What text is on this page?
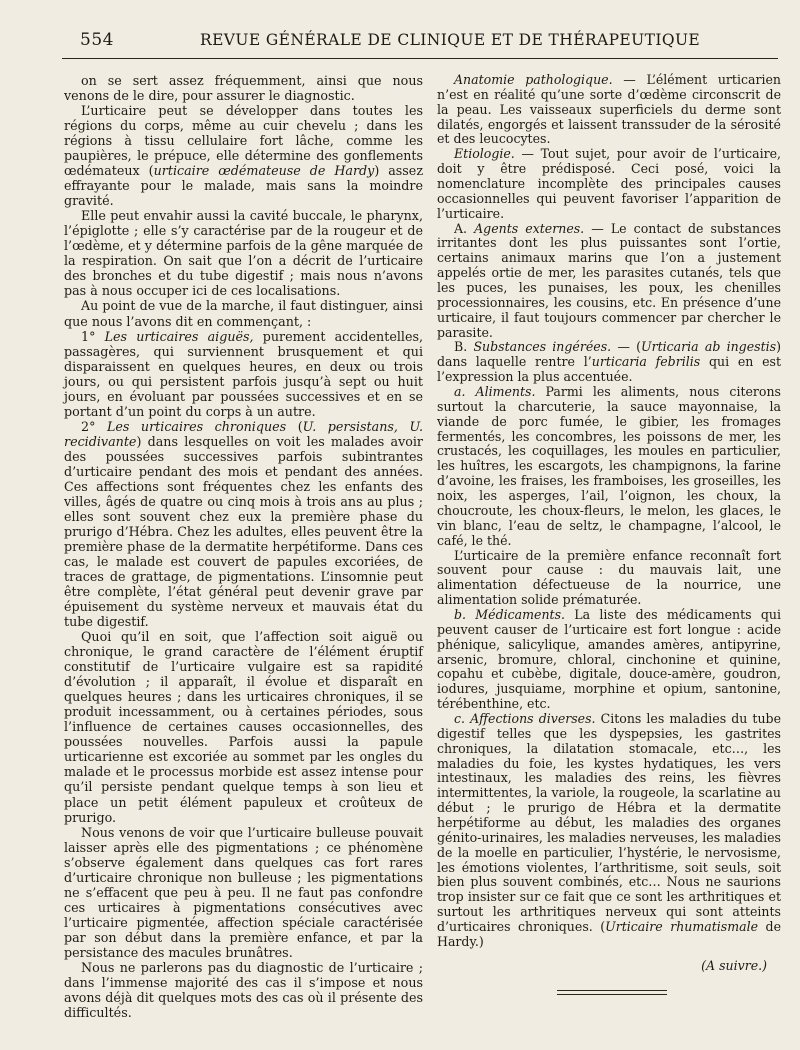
554	REVUE GÉNÉRALE DE CLINIQUE ET DE THÉRAPEUTIQUE

on se sert assez fréquemment, ainsi que nous venons de le dire, pour assurer le diagnostic.

L’urticaire peut se développer dans toutes les régions du corps, même au cuir chevelu ; dans les régions à tissu cellulaire fort lâche, comme les paupières, le prépuce, elle détermine des gonflements œdémateux (urticaire œdémateuse de Hardy) assez effrayante pour le malade, mais sans la moindre gravité.

Elle peut envahir aussi la cavité buccale, le pharynx, l’épiglotte ; elle s’y caractérise par de la rougeur et de l’œdème, et y détermine parfois de la gêne marquée de la respiration. On sait que l’on a décrit de l’urticaire des bronches et du tube digestif ; mais nous n’avons pas à nous occuper ici de ces localisations.

Au point de vue de la marche, il faut distinguer, ainsi que nous l’avons dit en commençant, :

1° Les urticaires aiguës, purement accidentelles, passagères, qui surviennent brusquement et qui disparaissent en quelques heures, en deux ou trois jours, ou qui persistent parfois jusqu’à sept ou huit jours, en évoluant par poussées successives et en se portant d’un point du corps à un autre.

2° Les urticaires chroniques (U. persistans, U. recidivante) dans lesquelles on voit les malades avoir des poussées successives parfois subintrantes d’urticaire pendant des mois et pendant des années. Ces affections sont fréquentes chez les enfants des villes, âgés de quatre ou cinq mois à trois ans au plus ; elles sont souvent chez eux la première phase du prurigo d’Hébra. Chez les adultes, elles peuvent être la première phase de la dermatite herpétiforme. Dans ces cas, le malade est couvert de papules excoriées, de traces de grattage, de pigmentations. L’insomnie peut être complète, l’état général peut devenir grave par épuisement du système nerveux et mauvais état du tube digestif.

Quoi qu’il en soit, que l’affection soit aiguë ou chronique, le grand caractère de l’élément éruptif constitutif de l’urticaire vulgaire est sa rapidité d’évolution ; il apparaît, il évolue et disparaît en quelques heures ; dans les urticaires chroniques, il se produit incessamment, ou à certaines périodes, sous l’influence de certaines causes occasionnelles, des poussées nouvelles. Parfois aussi la papule urticarienne est excoriée au sommet par les ongles du malade et le processus morbide est assez intense pour qu’il persiste pendant quelque temps à son lieu et place un petit élément papuleux et croûteux de prurigo.

Nous venons de voir que l’urticaire bulleuse pouvait laisser après elle des pigmentations ; ce phénomène s’observe également dans quelques cas fort rares d’urticaire chronique non bulleuse ; les pigmentations ne s’effacent que peu à peu. Il ne faut pas confondre ces urticaires à pigmentations consécutives avec l’urticaire pigmentée, affection spéciale caractérisée par son début dans la première enfance, et par la persistance des macules brunâtres.

Nous ne parlerons pas du diagnostic de l’urticaire ; dans l’immense majorité des cas il s’impose et nous avons déjà dit quelques mots des cas où il présente des difficultés.

Anatomie pathologique. — L’élément urticarien n’est en réalité qu’une sorte d’œdème circonscrit de la peau. Les vaisseaux superficiels du derme sont dilatés, engorgés et laissent transsuder de la sérosité et des leucocytes.

Etiologie. — Tout sujet, pour avoir de l’urticaire, doit y être prédisposé. Ceci posé, voici la nomenclature incomplète des principales causes occasionnelles qui peuvent favoriser l’apparition de l’urticaire.

A. Agents externes. — Le contact de substances irritantes dont les plus puissantes sont l’ortie, certains animaux marins que l’on a justement appelés ortie de mer, les parasites cutanés, tels que les puces, les punaises, les poux, les chenilles processionnaires, les cousins, etc. En présence d’une urticaire, il faut toujours commencer par chercher le parasite.

B. Substances ingérées. — (Urticaria ab ingestis) dans laquelle rentre l’urticaria febrilis qui en est l’expression la plus accentuée.

a. Aliments. Parmi les aliments, nous citerons surtout la charcuterie, la sauce mayonnaise, la viande de porc fumée, le gibier, les fromages fermentés, les concombres, les poissons de mer, les crustacés, les coquillages, les moules en particulier, les huîtres, les escargots, les champignons, la farine d’avoine, les fraises, les framboises, les groseilles, les noix, les asperges, l’ail, l’oignon, les choux, la choucroute, les choux-fleurs, le melon, les glaces, le vin blanc, l’eau de seltz, le champagne, l’alcool, le café, le thé.

L’urticaire de la première enfance reconnaît fort souvent pour cause : du mauvais lait, une alimentation défectueuse de la nourrice, une alimentation solide prématurée.

b. Médicaments. La liste des médicaments qui peuvent causer de l’urticaire est fort longue : acide phénique, salicylique, amandes amères, antipyrine, arsenic, bromure, chloral, cinchonine et quinine, copahu et cubèbe, digitale, douce-amère, goudron, iodures, jusquiame, morphine et opium, santonine, térébenthine, etc.

c. Affections diverses. Citons les maladies du tube digestif telles que les dyspepsies, les gastrites chroniques, la dilatation stomacale, etc…, les maladies du foie, les kystes hydatiques, les vers intestinaux, les maladies des reins, les fièvres intermittentes, la variole, la rougeole, la scarlatine au début ; le prurigo de Hébra et la dermatite herpétiforme au début, les maladies des organes génito-urinaires, les maladies nerveuses, les maladies de la moelle en particulier, l’hystérie, le nervosisme, les émotions violentes, l’arthritisme, soit seuls, soit bien plus souvent combinés, etc… Nous ne saurions trop insister sur ce fait que ce sont les arthritiques et surtout les arthritiques nerveux qui sont atteints d’urticaires chroniques. (Urticaire rhumatismale de Hardy.)

(A suivre.)
